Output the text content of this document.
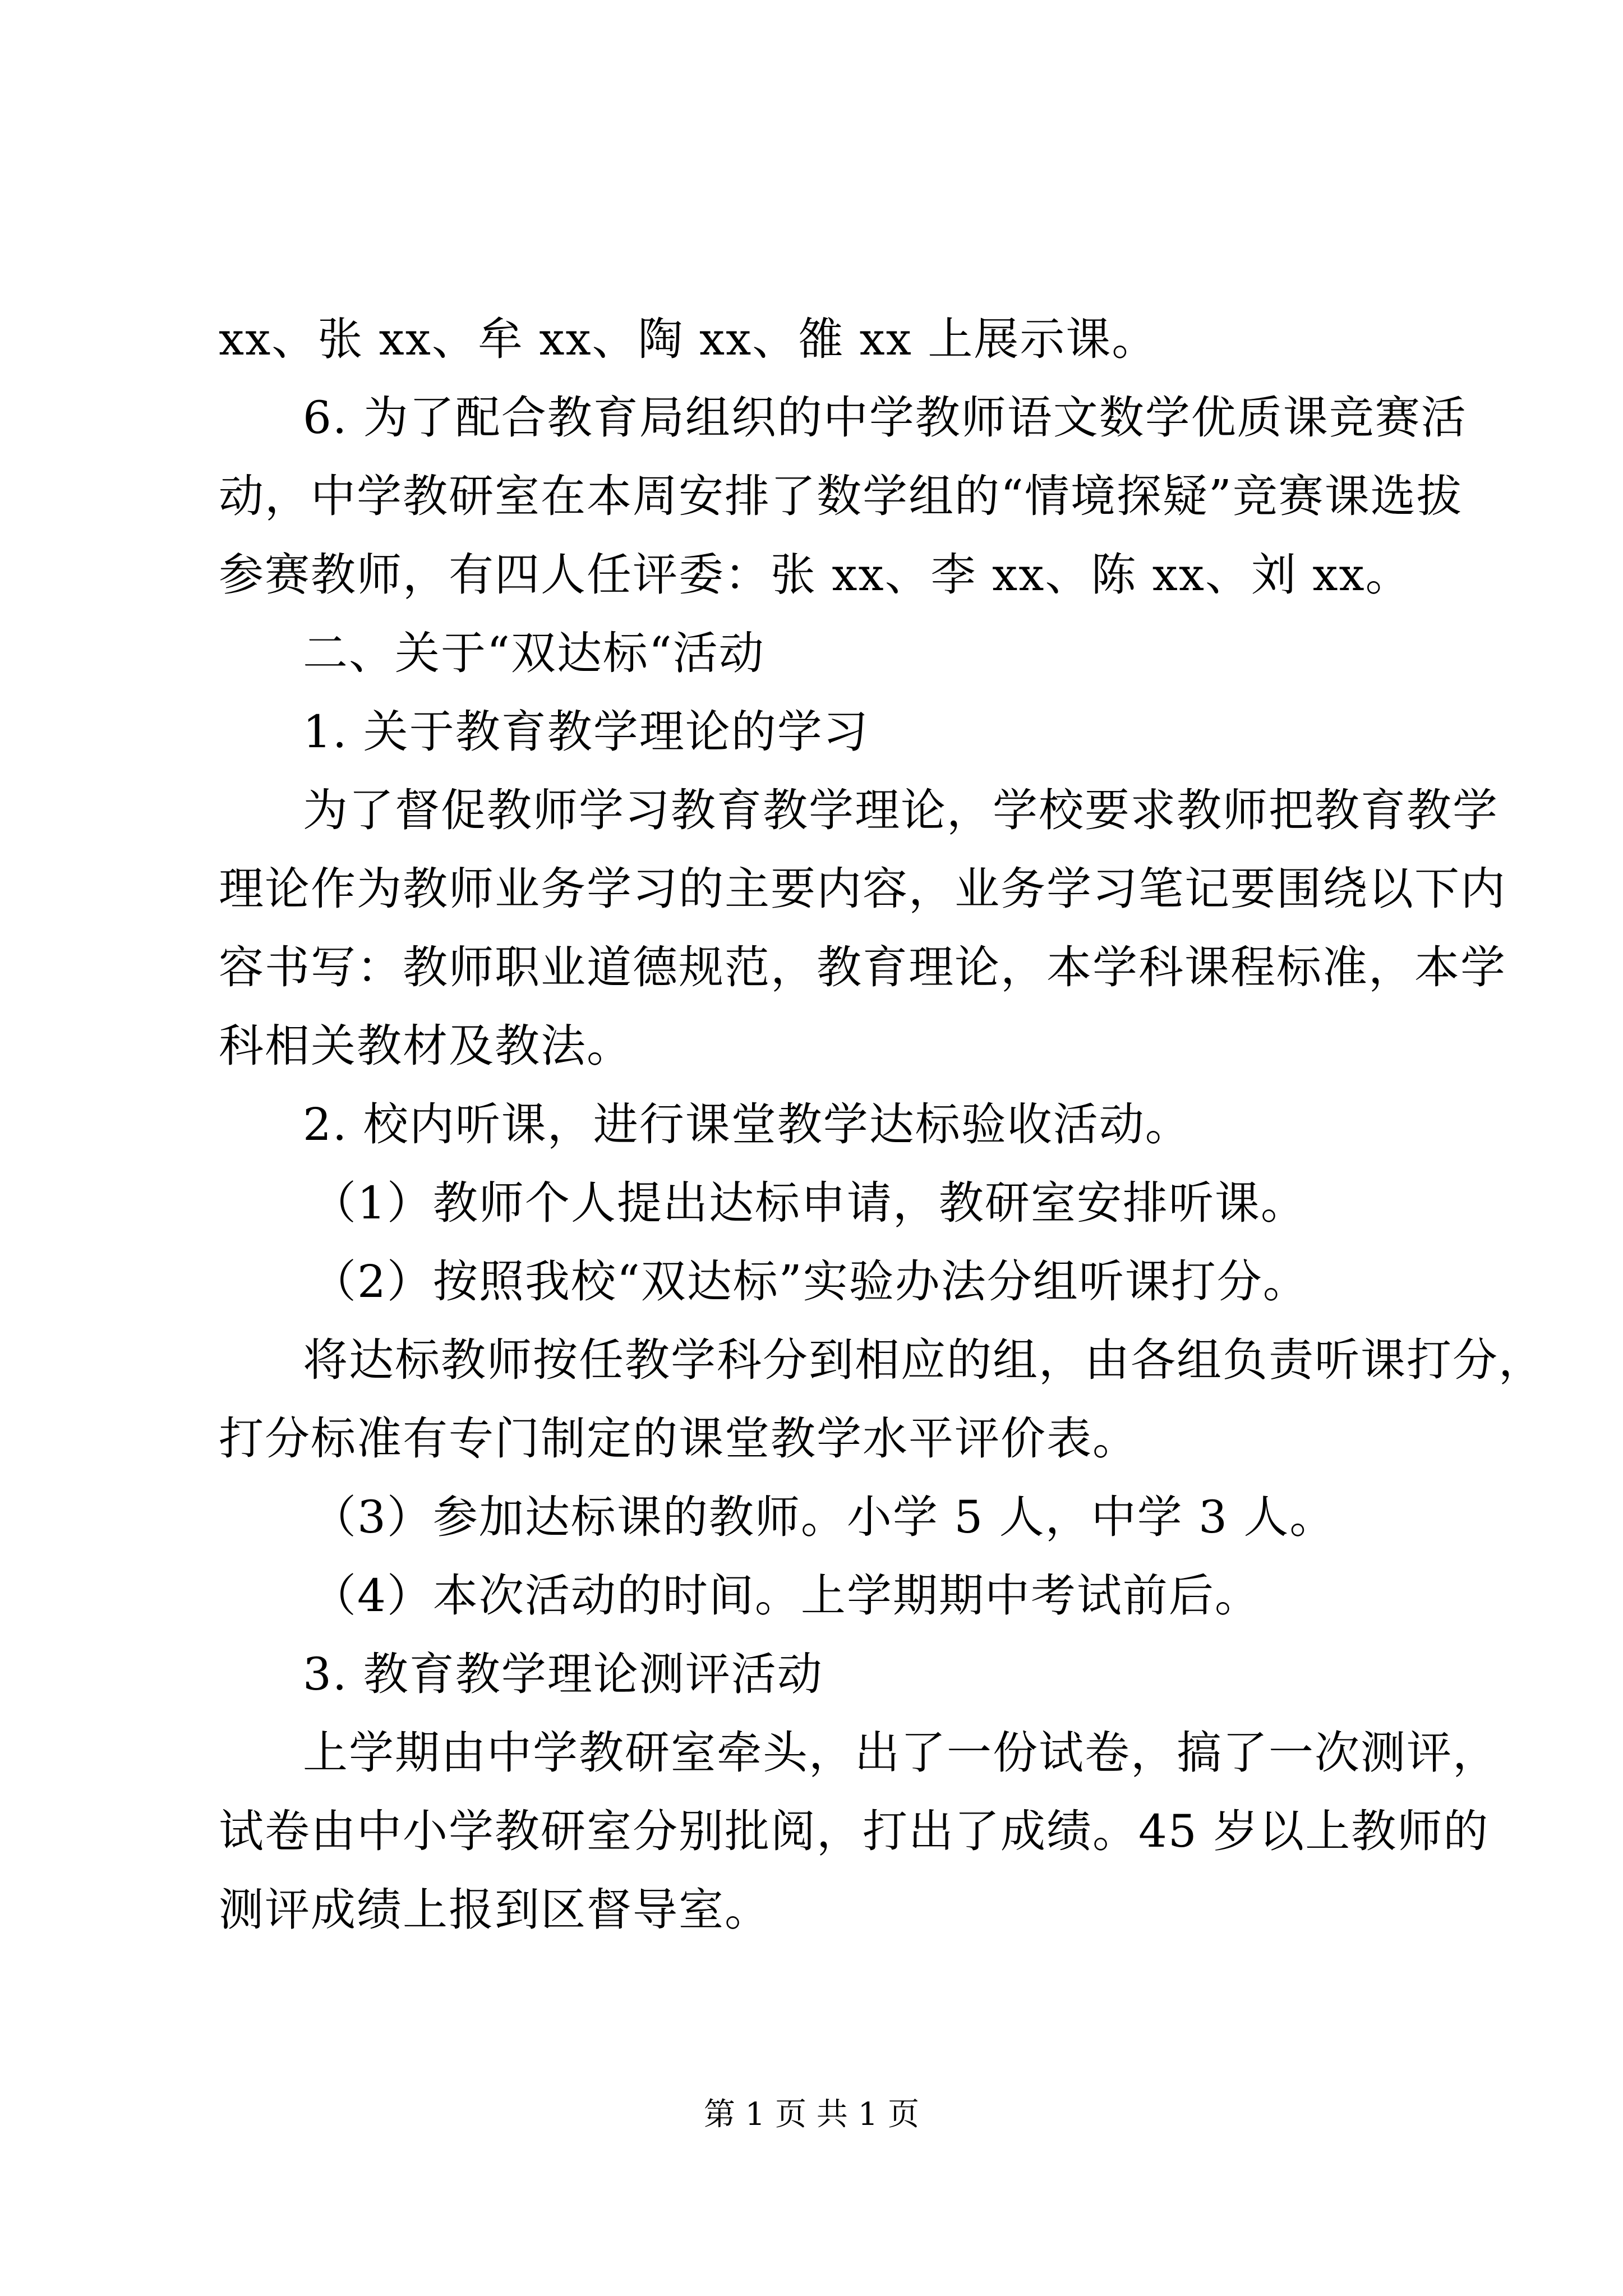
xx、张 xx、牟 xx、陶 xx、雒 xx 上展示课。
6. 为了配合教育局组织的中学教师语文数学优质课竞赛活
动，中学教研室在本周安排了数学组的“情境探疑”竞赛课选拔
参赛教师，有四人任评委：张 xx、李 xx、陈 xx、刘 xx。
二、关于“双达标“活动
1. 关于教育教学理论的学习
为了督促教师学习教育教学理论，学校要求教师把教育教学
理论作为教师业务学习的主要内容，业务学习笔记要围绕以下内
容书写：教师职业道德规范，教育理论，本学科课程标准，本学
科相关教材及教法。
2. 校内听课，进行课堂教学达标验收活动。
（1）教师个人提出达标申请，教研室安排听课。
（2）按照我校“双达标”实验办法分组听课打分。
将达标教师按任教学科分到相应的组，由各组负责听课打分，
打分标准有专门制定的课堂教学水平评价表。
（3）参加达标课的教师。小学 5 人，中学 3 人。
（4）本次活动的时间。上学期期中考试前后。
3. 教育教学理论测评活动
上学期由中学教研室牵头，出了一份试卷，搞了一次测评，
试卷由中小学教研室分别批阅，打出了成绩。45 岁以上教师的
测评成绩上报到区督导室。
第 1 页 共 1 页
